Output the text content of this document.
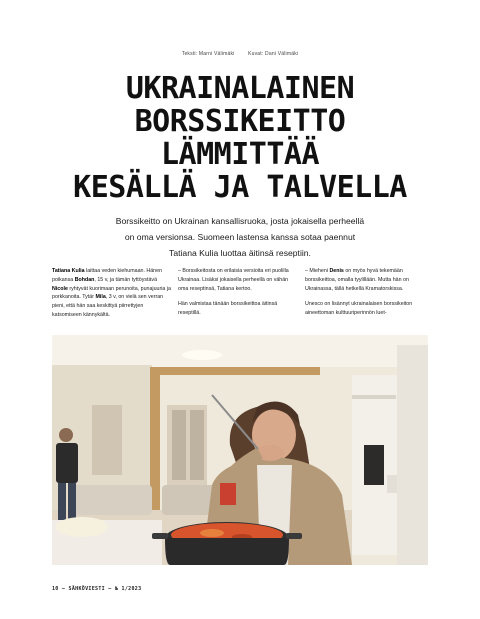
Teksti: Marni Välimäki	Kuvat: Dani Välimäki
UKRAINALAINEN
BORSSIKEITTO
LÄMMITTÄÄ
KESÄLLÄ JA TALVELLA
Borssikeitto on Ukrainan kansallisruoka, josta jokaisella perheellä
on oma versionsa. Suomeen lastensa kanssa sotaa paennut
Tatiana Kulia luottaa äitinsä reseptiin.

Tatiana Kulia laittaa veden kiehumaan. Hänen poikansa Bohdan, 15 v, ja tämän tyttöystävä Nicole ryhtyvät kuorimaan perunoita, punajuuria ja porkkanoita. Tytär Mila, 3 v, on vielä sen verran pieni, että hän saa keskittyä piirrettyjen katsomiseen kännykältä.

– Borssikeitosta on erilaisia versioita eri puolilla Ukrainaa. Lisäksi jokaisella perheellä on vähän oma reseptinsä, Tatiana kertoo.

Hän valmistaa tänään borssikeittoa äitinsä reseptillä.

– Mieheni Denis on myös hyvä tekemään borssikeittoa, omalla tyylillään. Mutta hän on Ukrainassa, tällä hetkellä Kramatorskissa.

Unesco on lisännyt ukrainalaisen borssikeiton aineettoman kulttuuriperinnön luet-

10 – SÄHKÖVIESTI – № 1/2023
